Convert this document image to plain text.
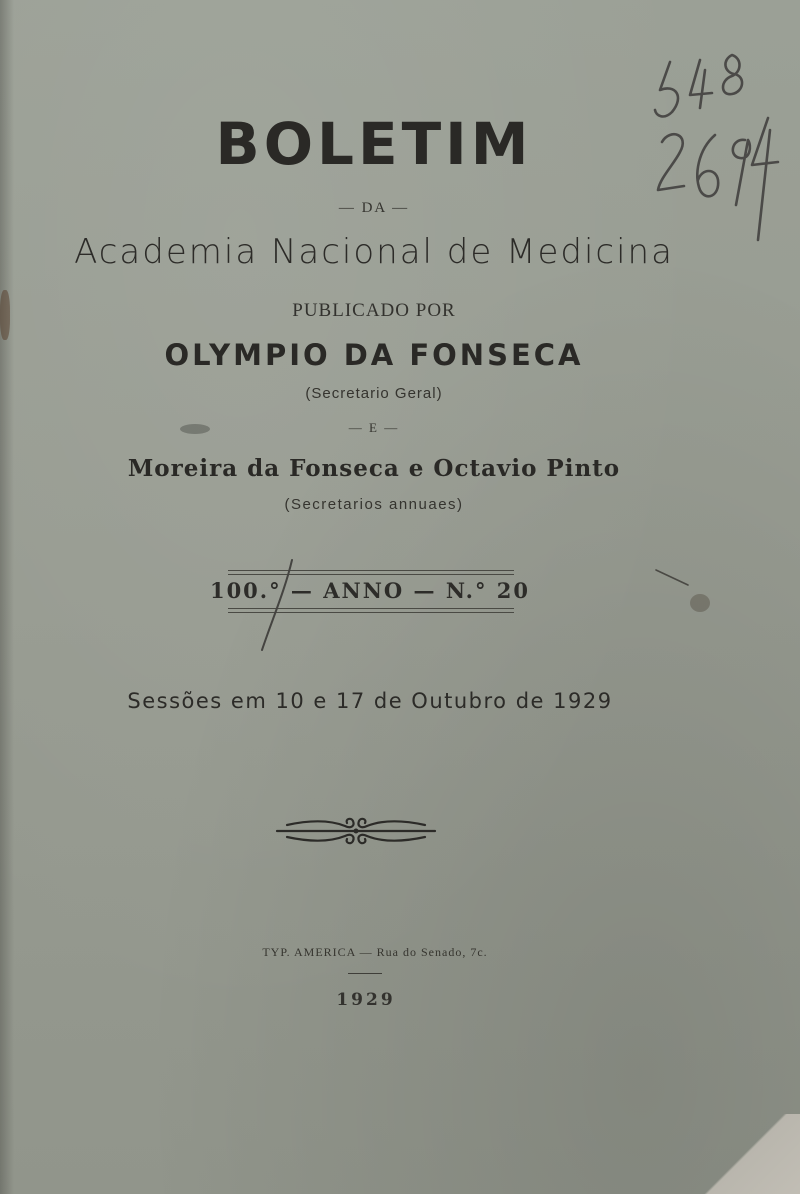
BOLETIM
— DA —
Academia Nacional de Medicina
PUBLICADO POR
OLYMPIO DA FONSECA
(Secretario Geral)
— E —
Moreira da Fonseca e Octavio Pinto
(Secretarios annuaes)
100.° — ANNO — N.° 20
Sessões em 10 e 17 de Outubro de 1929
TYP. AMERICA — Rua do Senado, 7c.
1929
